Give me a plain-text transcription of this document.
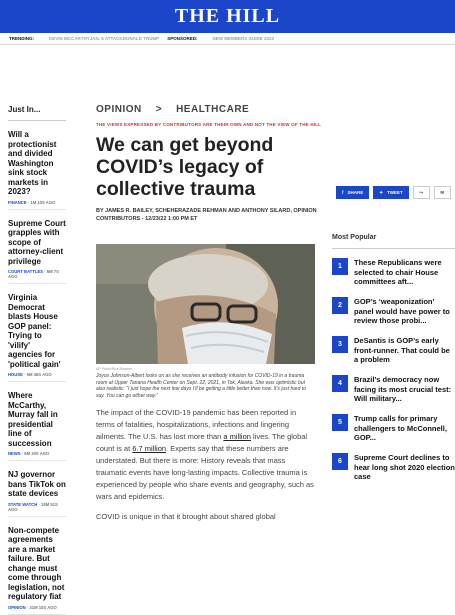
THE HILL
TRENDING:	KEVIN MCCARTHY JAN. 6 ATTACK DONALD TRUMP SPONSORED:	NEW MEMBERS GUIDE 2023
Just In...
Will a protectionist and divided Washington sink stock markets in 2023?
FINANCE · 1M 10S AGO
Supreme Court grapples with scope of attorney-client privilege
COURT BATTLES · 5M 7S AGO
Virginia Democrat blasts House GOP panel: Trying to 'vilify' agencies for 'political gain'
HOUSE · 5M 46S AGO
Where McCarthy, Murray fall in presidential line of succession
NEWS · 6M 30S AGO
NJ governor bans TikTok on state devices
STATE WATCH · 15M 51S AGO
Non-compete agreements are a market failure. But change must come through legislation, not regulatory fiat
OPINION · 31M 10S AGO
OPINION > HEALTHCARE
THE VIEWS EXPRESSED BY CONTRIBUTORS ARE THEIR OWN AND NOT THE VIEW OF THE HILL
We can get beyond COVID’s legacy of collective trauma
BY JAMES R. BAILEY, SCHEHERAZADE REHMAN AND ANTHONY SILARD, OPINION CONTRIBUTORS - 12/23/22 1:00 PM ET
AP Photo/Rick Bowmer
Joyce Johnson-Albert looks on as she receives an antibody infusion for COVID-19 in a trauma room at Upper Tanana Health Center on Sept. 22, 2021, in Tok, Alaska. She was optimistic but also realistic: “I just hope the next few days I’ll be getting a little better than now. It’s just hard to say. You can go either way.”

The impact of the COVID-19 pandemic has been reported in terms of fatalities, hospitalizations, infections and lingering ailments. The U.S. has lost more than a million lives. The global count is at 6.7 million. Experts say that these numbers are understated. But there is more: History reveals that mass traumatic events have long-lasting impacts. Collective trauma is experienced by people who share events and geography, such as wars and epidemics.

COVID is unique in that it brought about shared global

f SHARE	✦ TWEET	↪	✉
Most Popular
1	These Republicans were selected to chair House committees aft...
2	GOP’s ‘weaponization’ panel would have power to review those probi...
3	DeSantis is GOP’s early front-runner. That could be a problem
4	Brazil’s democracy now facing its most crucial test: Will military...
5	Trump calls for primary challengers to McConnell, GOP...
6	Supreme Court declines to hear long shot 2020 election case
